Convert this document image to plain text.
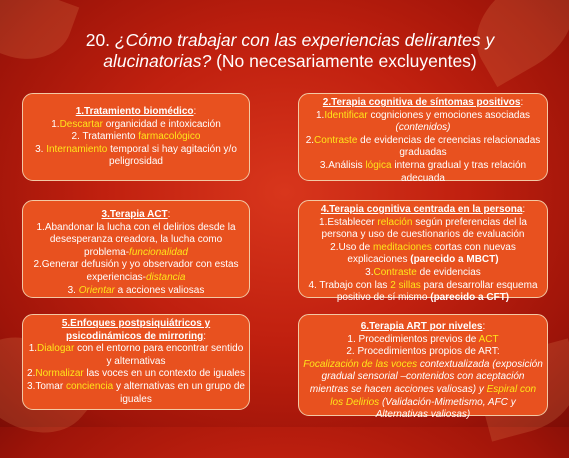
20. ¿Cómo trabajar con las experiencias delirantes y alucinatorias? (No necesariamente excluyentes)
1.Tratamiento biomédico:
1.Descartar organicidad e intoxicación
2. Tratamiento farmacológico
3. Internamiento temporal si hay agitación y/o peligrosidad
2.Terapia cognitiva de síntomas positivos:
1.Identificar cogniciones y emociones asociadas (contenidos)
2.Contraste de evidencias de creencias relacionadas graduadas
3.Análisis lógica interna gradual y tras relación adecuada
3.Terapia ACT:
1.Abandonar la lucha con el delirios desde la desesperanza creadora, la lucha como problema-funcionalidad
2.Generar defusión y yo observador con estas experiencias-distancia
3. Orientar a acciones valiosas
4.Terapia cognitiva centrada en la persona:
1.Establecer relación según preferencias del la persona y uso de cuestionarios de evaluación
2.Uso de meditaciones cortas con nuevas explicaciones (parecido a MBCT)
3.Contraste de evidencias
4. Trabajo con las 2 sillas para desarrollar esquema positivo de sí mismo (parecido a CFT)
5.Enfoques postpsiquiátricos y psicodinámicos de mirroring:
1.Dialogar con el entorno para encontrar sentido y alternativas
2.Normalizar las voces en un contexto de iguales
3.Tomar conciencia y alternativas en un grupo de iguales
6.Terapia ART por niveles:
1. Procedimientos previos de ACT
2. Procedimientos propios de ART:
Focalización de las voces contextualizada (exposición gradual sensorial –contenidos con aceptación mientras se hacen acciones valiosas) y Espiral con los Delirios (Validación-Mimetismo, AFC y Alternativas valiosas)
